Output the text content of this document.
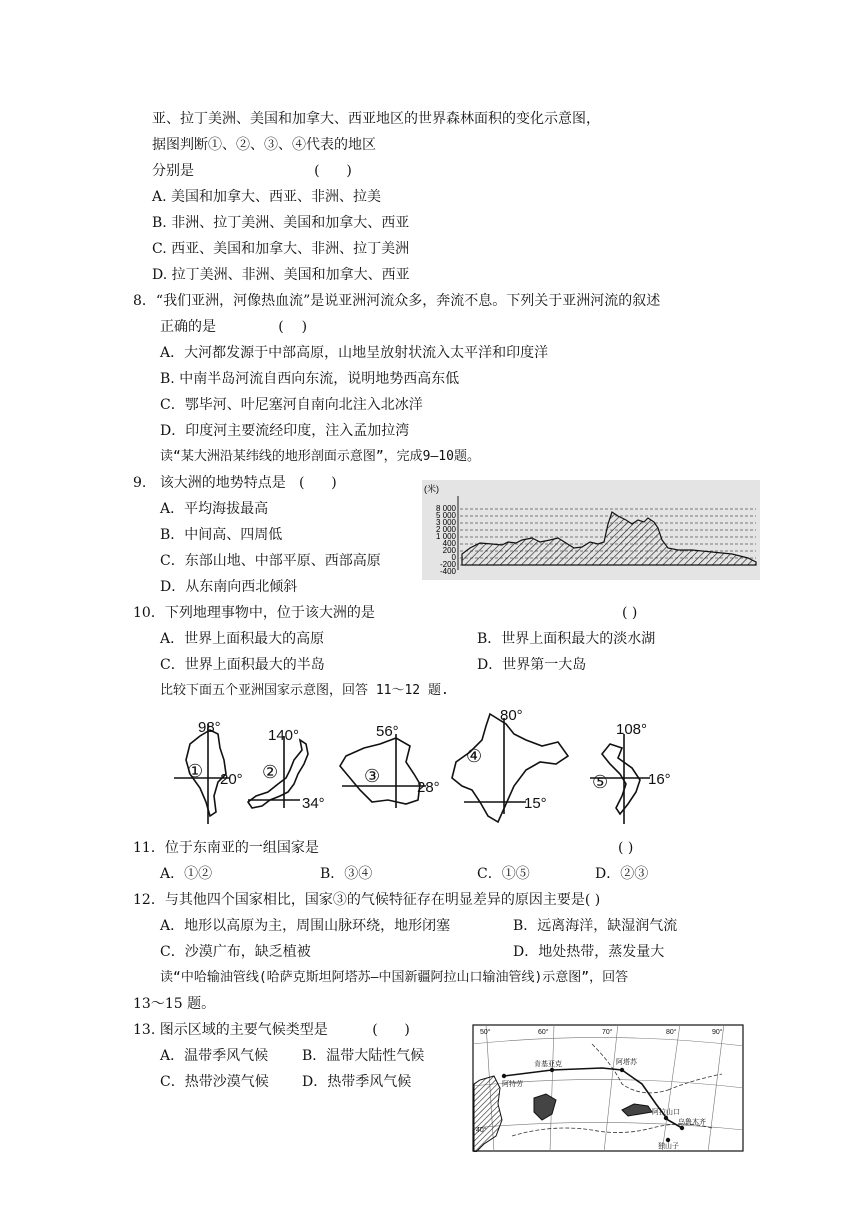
亚、拉丁美洲、美国和加拿大、西亚地区的世界森林面积的变化示意图，
据图判断①、②、③、④代表的地区
分别是                           (      )
A. 美国和加拿大、西亚、非洲、拉美
B. 非洲、拉丁美洲、美国和加拿大、西亚
C. 西亚、美国和加拿大、非洲、拉丁美洲
D. 拉丁美洲、非洲、美国和加拿大、西亚
8．“我们亚洲，河像热血流”是说亚洲河流众多，奔流不息。下列关于亚洲河流的叙述
正确的是              (    )
A．大河都发源于中部高原，山地呈放射状流入太平洋和印度洋
B. 中南半岛河流自西向东流，说明地势西高东低
C．鄂毕河、叶尼塞河自南向北注入北冰洋
D．印度河主要流经印度，注入孟加拉湾
读“某大洲沿某纬线的地形剖面示意图”，完成9—10题。
9.   该大洲的地势特点是   (      )
A．平均海拔最高
B．中间高、四周低
C．东部山地、中部平原、西部高原
D．从东南向西北倾斜
(米)
8 000
5 000
3 000
2 000
1 000
400
200
0
-200
-400
10．下列地理事物中，位于该大洲的是	( )
A．世界上面积最大的高原	B．世界上面积最大的淡水湖
C．世界上面积最大的半岛	D．世界第一大岛
比较下面五个亚洲国家示意图，回答 11～12 题.
98°
20°
①
140°
34°
②
56°
28°
③
80°
15°
④
108°
16°
⑤
11．位于东南亚的一组国家是	( )
A．①②	B．③④	C．①⑤	D．②③
12．与其他四个国家相比，国家③的气候特征存在明显差异的原因主要是( )
A．地形以高原为主，周围山脉环绕，地形闭塞	B．远离海洋，缺湿润气流
C．沙漠广布，缺乏植被	D．地处热带，蒸发量大
读“中哈输油管线(哈萨克斯坦阿塔苏—中国新疆阿拉山口输油管线)示意图”，回答
13～15 题。
13. 图示区域的主要气候类型是          (      )
A．温带季风气候 B．温带大陆性气候
C．热带沙漠气候 D．热带季风气候
50°	60°	70°	80°	90°
40°
肯基亚克	阿塔苏
阿特劳
阿拉山口
乌鲁木齐
独山子
